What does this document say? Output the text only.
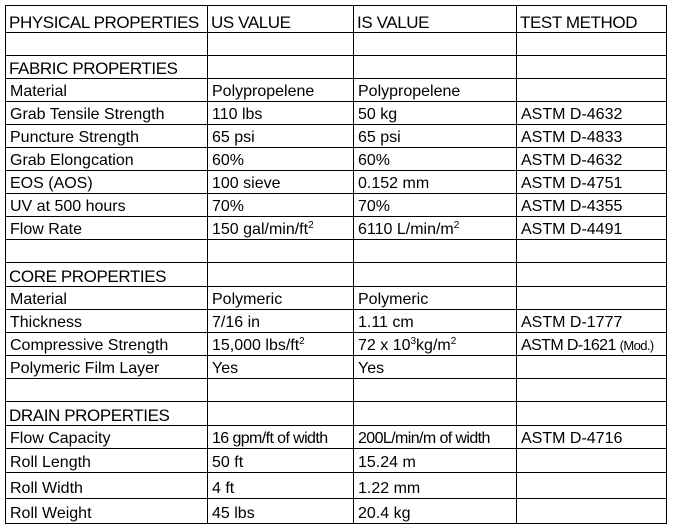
PHYSICAL PROPERTIES	US VALUE	IS VALUE	TEST METHOD

FABRIC PROPERTIES			
Material	Polypropelene	Polypropelene	
Grab Tensile Strength	110 lbs	50 kg	ASTM D-4632
Puncture Strength	65 psi	65 psi	ASTM D-4833
Grab Elongcation	60%	60%	ASTM D-4632
EOS (AOS)	100 sieve	0.152 mm	ASTM D-4751
UV at 500 hours	70%	70%	ASTM D-4355
Flow Rate	150 gal/$\min/ft^2$	6110 $L/\min/m^2$	ASTM D-4491

CORE PROPERTIES			
Material	Polymeric	Polymeric	
Thickness	7/16 in	1.11 cm	ASTM D-1777
Compressive Strength	15,000 lbs/$ft^2$	72 x $10^3kg/m^2$	ASTM D-1621 (Mod.)
Polymeric Film Layer	Yes	Yes	

DRAIN PROPERTIES			
Flow Capacity	16 gpm/ft of width	200L/min/m of width	ASTM D-4716
Roll Length	50 ft	15.24 m	
Roll Width	4 ft	1.22 mm	
Roll Weight	45 lbs	20.4 kg	
